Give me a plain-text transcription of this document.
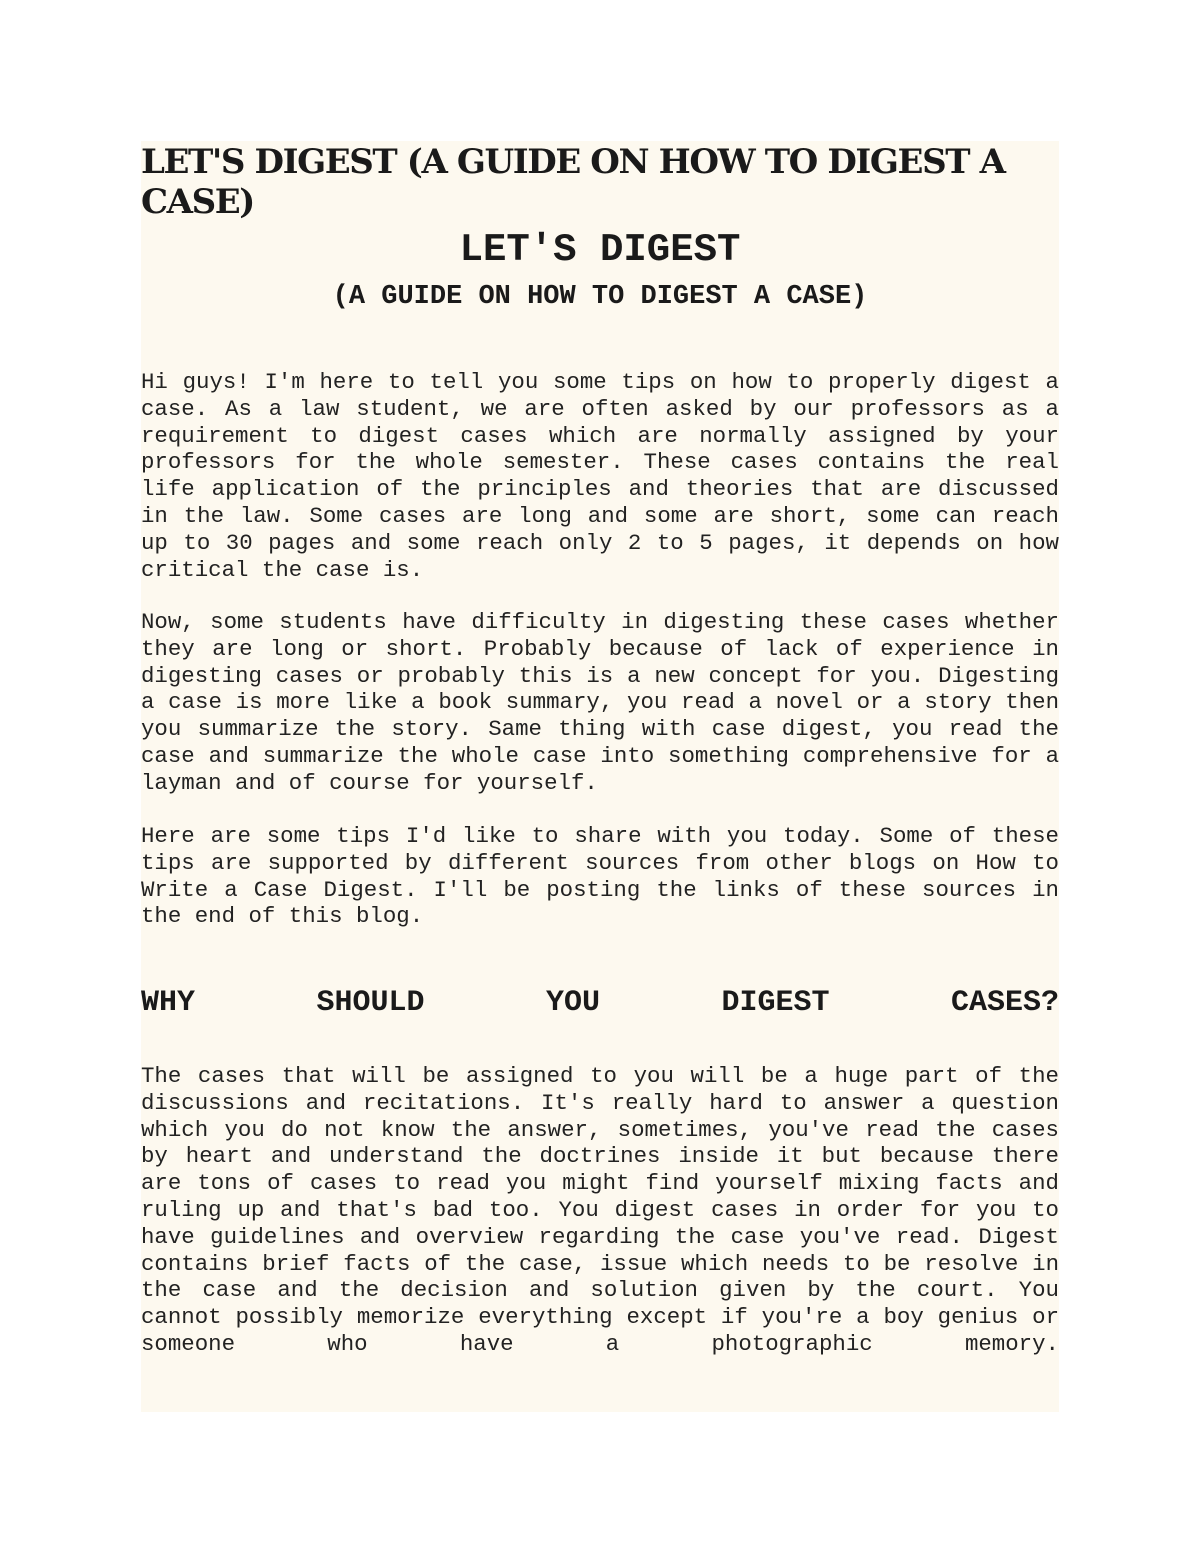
LET'S DIGEST (A GUIDE ON HOW TO DIGEST A CASE)
LET'S DIGEST
(A GUIDE ON HOW TO DIGEST A CASE)

Hi guys! I'm here to tell you some tips on how to properly digest a case. As a law student, we are often asked by our professors as a requirement to digest cases which are normally assigned by your professors for the whole semester. These cases contains the real life application of the principles and theories that are discussed in the law. Some cases are long and some are short, some can reach up to 30 pages and some reach only 2 to 5 pages, it depends on how critical the case is.

Now, some students have difficulty in digesting these cases whether they are long or short. Probably because of lack of experience in digesting cases or probably this is a new concept for you. Digesting a case is more like a book summary, you read a novel or a story then you summarize the story. Same thing with case digest, you read the case and summarize the whole case into something comprehensive for a layman and of course for yourself.

Here are some tips I'd like to share with you today. Some of these tips are supported by different sources from other blogs on How to Write a Case Digest. I'll be posting the links of these sources in the end of this blog.

WHY SHOULD YOU DIGEST CASES?

The cases that will be assigned to you will be a huge part of the discussions and recitations. It's really hard to answer a question which you do not know the answer, sometimes, you've read the cases by heart and understand the doctrines inside it but because there are tons of cases to read you might find yourself mixing facts and ruling up and that's bad too. You digest cases in order for you to have guidelines and overview regarding the case you've read. Digest contains brief facts of the case, issue which needs to be resolve in the case and the decision and solution given by the court. You cannot possibly memorize everything except if you're a boy genius or someone who have a photographic memory.
